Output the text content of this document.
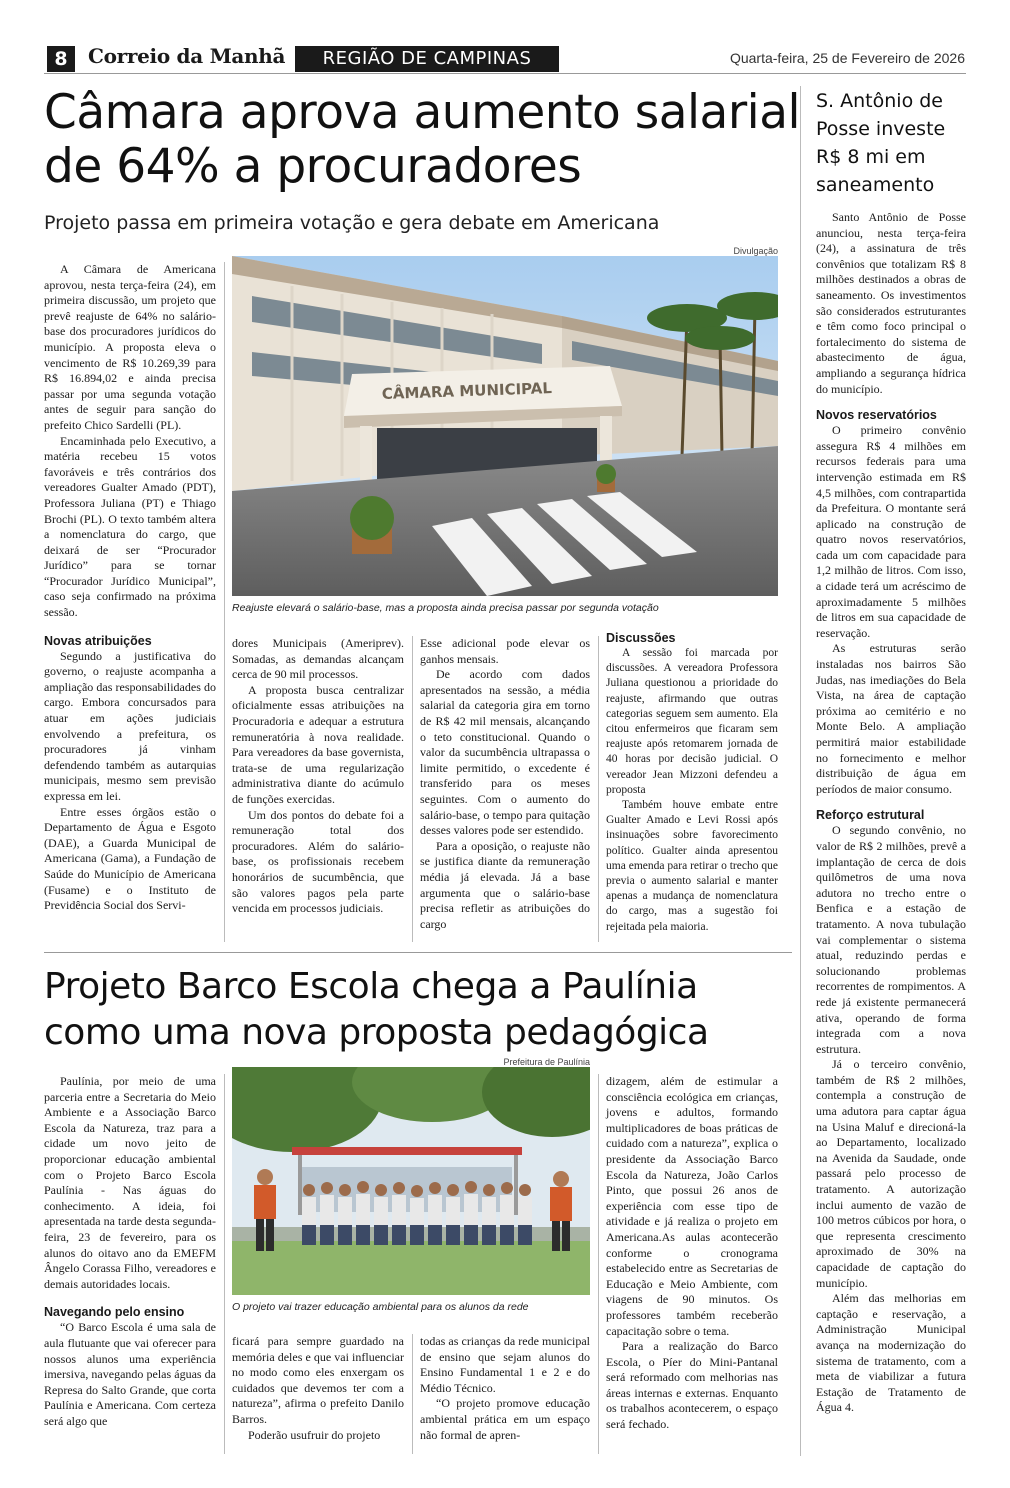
8	Correio da Manhã	REGIÃO DE CAMPINAS	Quarta-feira, 25 de Fevereiro de 2026
Câmara aprova aumento salarial de 64% a procuradores
Projeto passa em primeira votação e gera debate em Americana
Divulgação
CÂMARA MUNICIPAL
Reajuste elevará o salário-base, mas a proposta ainda precisa passar por segunda votação

A Câmara de Americana aprovou, nesta terça-feira (24), em primeira discussão, um projeto que prevê reajuste de 64% no salário-base dos procuradores jurídicos do município. A proposta eleva o vencimento de R$ 10.269,39 para R$ 16.894,02 e ainda precisa passar por uma segunda votação antes de seguir para sanção do prefeito Chico Sardelli (PL).

Encaminhada pelo Executivo, a matéria recebeu 15 votos favoráveis e três contrários dos vereadores Gualter Amado (PDT), Professora Juliana (PT) e Thiago Brochi (PL). O texto também altera a nomenclatura do cargo, que deixará de ser “Procurador Jurídico” para se tornar “Procurador Jurídico Municipal”, caso seja confirmado na próxima sessão.

Novas atribuições

Segundo a justificativa do governo, o reajuste acompanha a ampliação das responsabilidades do cargo. Embora concursados para atuar em ações judiciais envolvendo a prefeitura, os procuradores já vinham defendendo também as autarquias municipais, mesmo sem previsão expressa em lei.

Entre esses órgãos estão o Departamento de Água e Esgoto (DAE), a Guarda Municipal de Americana (Gama), a Fundação de Saúde do Município de Americana (Fusame) e o Instituto de Previdência Social dos Servi-

dores Municipais (Ameriprev). Somadas, as demandas alcançam cerca de 90 mil processos.

A proposta busca centralizar oficialmente essas atribuições na Procuradoria e adequar a estrutura remuneratória à nova realidade. Para vereadores da base governista, trata-se de uma regularização administrativa diante do acúmulo de funções exercidas.

Um dos pontos do debate foi a remuneração total dos procuradores. Além do salário-base, os profissionais recebem honorários de sucumbência, que são valores pagos pela parte vencida em processos judiciais.

Esse adicional pode elevar os ganhos mensais.

De acordo com dados apresentados na sessão, a média salarial da categoria gira em torno de R$ 42 mil mensais, alcançando o teto constitucional. Quando o valor da sucumbência ultrapassa o limite permitido, o excedente é transferido para os meses seguintes. Com o aumento do salário-base, o tempo para quitação desses valores pode ser estendido.

Para a oposição, o reajuste não se justifica diante da remuneração média já elevada. Já a base argumenta que o salário-base precisa refletir as atribuições do cargo

Discussões

A sessão foi marcada por discussões. A vereadora Professora Juliana questionou a prioridade do reajuste, afirmando que outras categorias seguem sem aumento. Ela citou enfermeiros que ficaram sem reajuste após retomarem jornada de 40 horas por decisão judicial. O vereador Jean Mizzoni defendeu a proposta

Também houve embate entre Gualter Amado e Levi Rossi após insinuações sobre favorecimento político. Gualter ainda apresentou uma emenda para retirar o trecho que previa o aumento salarial e manter apenas a mudança de nomenclatura do cargo, mas a sugestão foi rejeitada pela maioria.

S. Antônio de Posse investe R$ 8 mi em saneamento

Santo Antônio de Posse anunciou, nesta terça-feira (24), a assinatura de três convênios que totalizam R$ 8 milhões destinados a obras de saneamento. Os investimentos são considerados estruturantes e têm como foco principal o fortalecimento do sistema de abastecimento de água, ampliando a segurança hídrica do município.

Novos reservatórios

O primeiro convênio assegura R$ 4 milhões em recursos federais para uma intervenção estimada em R$ 4,5 milhões, com contrapartida da Prefeitura. O montante será aplicado na construção de quatro novos reservatórios, cada um com capacidade para 1,2 milhão de litros. Com isso, a cidade terá um acréscimo de aproximadamente 5 milhões de litros em sua capacidade de reservação.

As estruturas serão instaladas nos bairros São Judas, nas imediações do Bela Vista, na área de captação próxima ao cemitério e no Monte Belo. A ampliação permitirá maior estabilidade no fornecimento e melhor distribuição de água em períodos de maior consumo.

Reforço estrutural

O segundo convênio, no valor de R$ 2 milhões, prevê a implantação de cerca de dois quilômetros de uma nova adutora no trecho entre o Benfica e a estação de tratamento. A nova tubulação vai complementar o sistema atual, reduzindo perdas e solucionando problemas recorrentes de rompimentos. A rede já existente permanecerá ativa, operando de forma integrada com a nova estrutura.

Já o terceiro convênio, também de R$ 2 milhões, contempla a construção de uma adutora para captar água na Usina Maluf e direcioná-la ao Departamento, localizado na Avenida da Saudade, onde passará pelo processo de tratamento. A autorização inclui aumento de vazão de 100 metros cúbicos por hora, o que representa crescimento aproximado de 30% na capacidade de captação do município.

Além das melhorias em captação e reservação, a Administração Municipal avança na modernização do sistema de tratamento, com a meta de viabilizar a futura Estação de Tratamento de Água 4.

Projeto Barco Escola chega a Paulínia como uma nova proposta pedagógica
Prefeitura de Paulínia
O projeto vai trazer educação ambiental para os alunos da rede

Paulínia, por meio de uma parceria entre a Secretaria do Meio Ambiente e a Associação Barco Escola da Natureza, traz para a cidade um novo jeito de proporcionar educação ambiental com o Projeto Barco Escola Paulínia - Nas águas do conhecimento. A ideia, foi apresentada na tarde desta segunda-feira, 23 de fevereiro, para os alunos do oitavo ano da EMEFM Ângelo Corassa Filho, vereadores e demais autoridades locais.

Navegando pelo ensino

“O Barco Escola é uma sala de aula flutuante que vai oferecer para nossos alunos uma experiência imersiva, navegando pelas águas da Represa do Salto Grande, que corta Paulínia e Americana. Com certeza será algo que

ficará para sempre guardado na memória deles e que vai influenciar no modo como eles enxergam os cuidados que devemos ter com a natureza”, afirma o prefeito Danilo Barros.

Poderão usufruir do projeto

todas as crianças da rede municipal de ensino que sejam alunos do Ensino Fundamental 1 e 2 e do Médio Técnico.

“O projeto promove educação ambiental prática em um espaço não formal de apren-

dizagem, além de estimular a consciência ecológica em crianças, jovens e adultos, formando multiplicadores de boas práticas de cuidado com a natureza”, explica o presidente da Associação Barco Escola da Natureza, João Carlos Pinto, que possui 26 anos de experiência com esse tipo de atividade e já realiza o projeto em Americana.As aulas acontecerão conforme o cronograma estabelecido entre as Secretarias de Educação e Meio Ambiente, com viagens de 90 minutos. Os professores também receberão capacitação sobre o tema.

Para a realização do Barco Escola, o Píer do Mini-Pantanal será reformado com melhorias nas áreas internas e externas. Enquanto os trabalhos acontecerem, o espaço será fechado.
